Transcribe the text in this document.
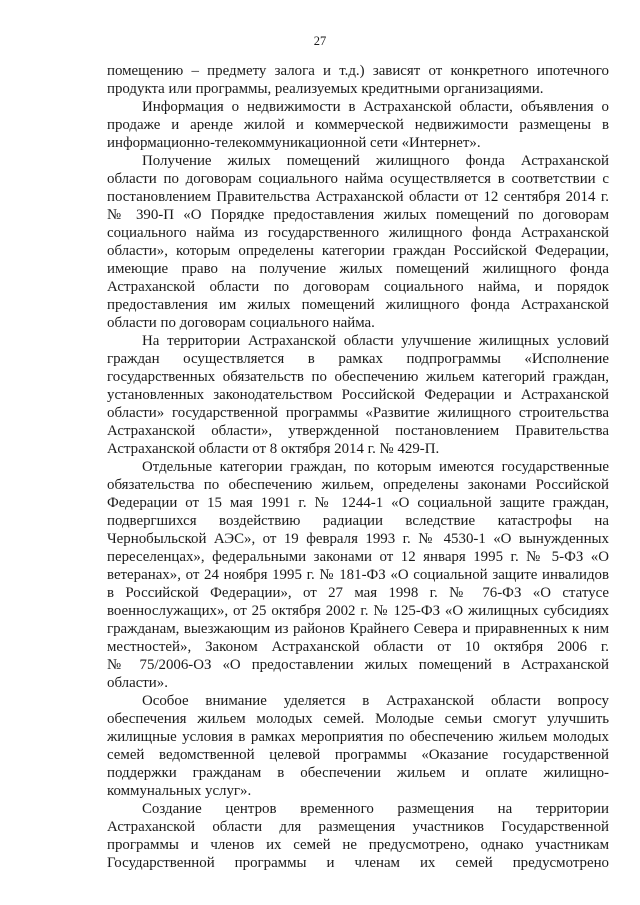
27
помещению – предмету залога и т.д.) зависят от конкретного ипотечного
продукта или программы, реализуемых кредитными организациями.
Информация о недвижимости в Астраханской области, объявления о
продаже и аренде жилой и коммерческой недвижимости размещены в
информационно-телекоммуникационной сети «Интернет».
Получение жилых помещений жилищного фонда Астраханской
области по договорам социального найма осуществляется в соответствии с
постановлением Правительства Астраханской области от 12 сентября 2014 г.
№ 390-П «О Порядке предоставления жилых помещений по договорам
социального найма из государственного жилищного фонда Астраханской
области», которым определены категории граждан Российской Федерации,
имеющие право на получение жилых помещений жилищного фонда
Астраханской области по договорам социального найма, и порядок
предоставления им жилых помещений жилищного фонда Астраханской
области по договорам социального найма.
На территории Астраханской области улучшение жилищных условий
граждан осуществляется в рамках подпрограммы «Исполнение
государственных обязательств по обеспечению жильем категорий граждан,
установленных законодательством Российской Федерации и Астраханской
области» государственной программы «Развитие жилищного строительства
Астраханской области», утвержденной постановлением Правительства
Астраханской области от 8 октября 2014 г. № 429-П.
Отдельные категории граждан, по которым имеются государственные
обязательства по обеспечению жильем, определены законами Российской
Федерации от 15 мая 1991 г. № 1244-1 «О социальной защите граждан,
подвергшихся воздействию радиации вследствие катастрофы на
Чернобыльской АЭС», от 19 февраля 1993 г. № 4530-1 «О вынужденных
переселенцах», федеральными законами от 12 января 1995 г. № 5-ФЗ «О
ветеранах», от 24 ноября 1995 г. № 181-ФЗ «О социальной защите инвалидов
в Российской Федерации», от 27 мая 1998 г. № 76-ФЗ «О статусе
военнослужащих», от 25 октября 2002 г. № 125-ФЗ «О жилищных субсидиях
гражданам, выезжающим из районов Крайнего Севера и приравненных к ним
местностей», Законом Астраханской области от 10 октября 2006 г.
№ 75/2006-ОЗ «О предоставлении жилых помещений в Астраханской
области».
Особое внимание уделяется в Астраханской области вопросу
обеспечения жильем молодых семей. Молодые семьи смогут улучшить
жилищные условия в рамках мероприятия по обеспечению жильем молодых
семей ведомственной целевой программы «Оказание государственной
поддержки гражданам в обеспечении жильем и оплате жилищно-
коммунальных услуг».
Создание центров временного размещения на территории
Астраханской области для размещения участников Государственной
программы и членов их семей не предусмотрено, однако участникам
Государственной программы и членам их семей предусмотрено
